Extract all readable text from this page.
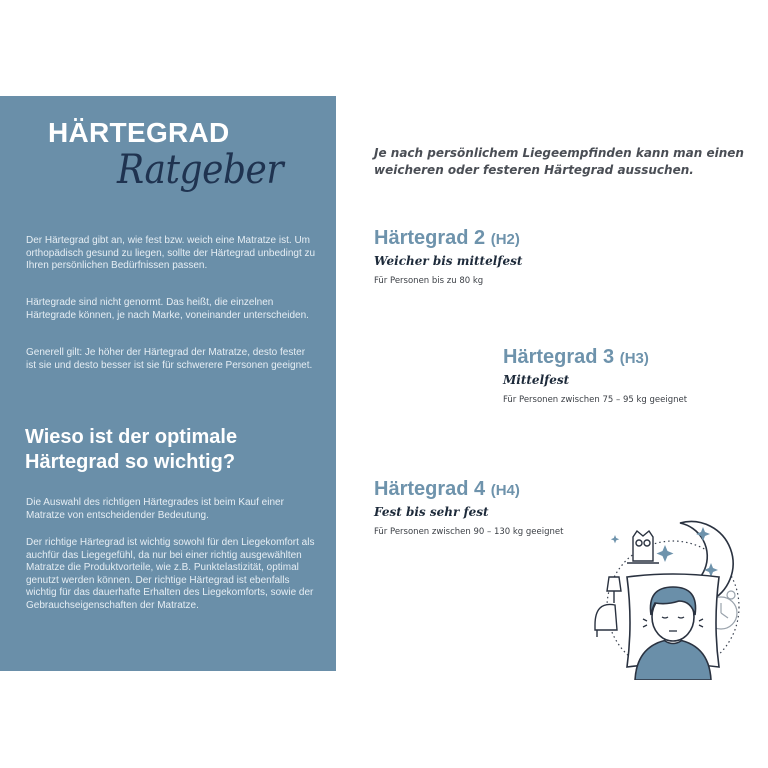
HÄRTEGRAD
Ratgeber

Der Härtegrad gibt an, wie fest bzw. weich eine Matratze ist. Um orthopädisch gesund zu liegen, sollte der Härtegrad unbedingt zu Ihren persönlichen Bedürfnissen passen.

Härtegrade sind nicht genormt. Das heißt, die einzelnen Härtegrade können, je nach Marke, voneinander unterscheiden.

Generell gilt: Je höher der Härtegrad der Matratze, desto fester ist sie und desto besser ist sie für schwerere Personen geeignet.

Wieso ist der optimale Härtegrad so wichtig?

Die Auswahl des richtigen Härtegrades ist beim Kauf einer Matratze von entscheidender Bedeutung.

Der richtige Härtegrad ist wichtig sowohl für den Liegekomfort als auchfür das Liegegefühl, da nur bei einer richtig ausgewählten Matratze die Produktvorteile, wie z.B. Punktelastizität, optimal genutzt werden können. Der richtige Härtegrad ist ebenfalls wichtig für das dauerhafte Erhalten des Liegekomforts, sowie der Gebrauchseigenschaften der Matratze.

Je nach persönlichem Liegeempfinden kann man einen weicheren oder festeren Härtegrad aussuchen.

Härtegrad 2 (H2)
Weicher bis mittelfest
Für Personen bis zu 80 kg
Härtegrad 3 (H3)
Mittelfest
Für Personen zwischen 75 – 95 kg geeignet
Härtegrad 4 (H4)
Fest bis sehr fest
Für Personen zwischen 90 – 130 kg geeignet
